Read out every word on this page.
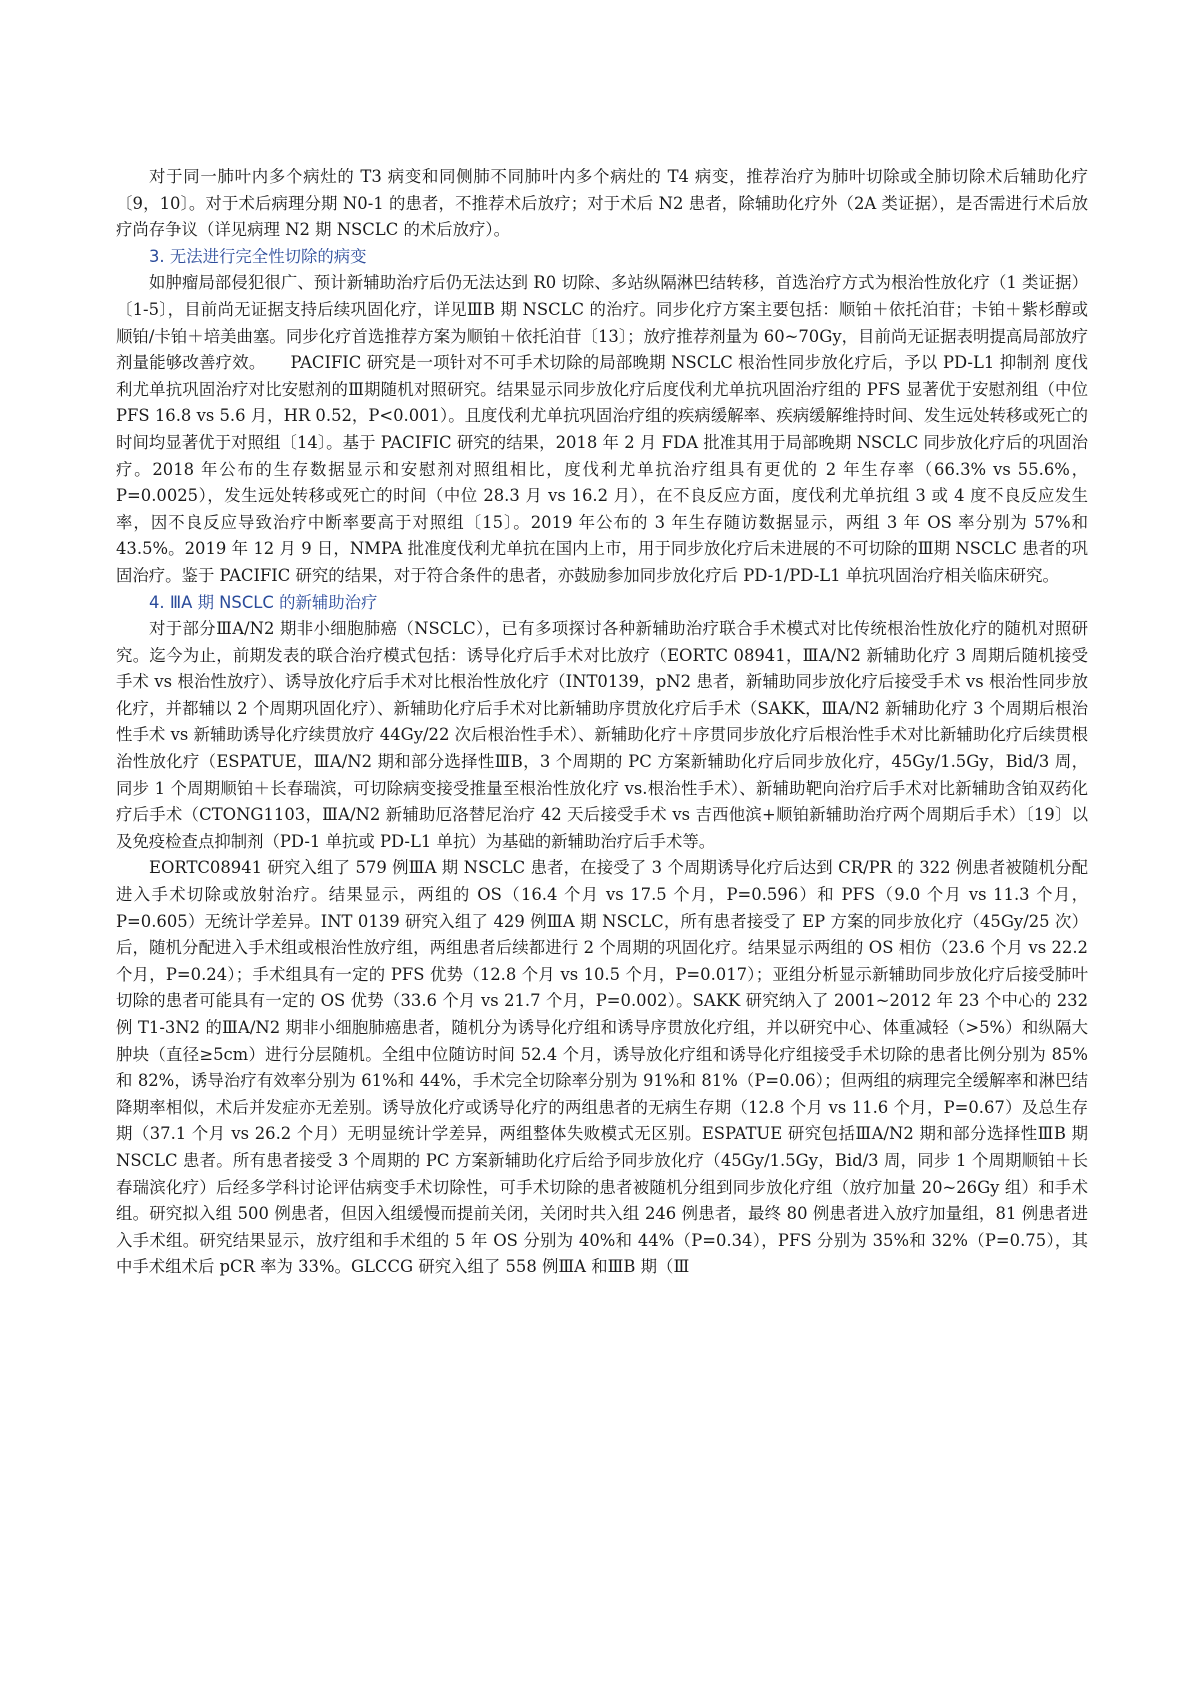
对于同一肺叶内多个病灶的 T3 病变和同侧肺不同肺叶内多个病灶的 T4 病变，推荐治疗为肺叶切除或全肺切除术后辅助化疗〔9，10〕。对于术后病理分期 N0-1 的患者，不推荐术后放疗；对于术后 N2 患者，除辅助化疗外（2A 类证据），是否需进行术后放疗尚存争议（详见病理 N2 期 NSCLC 的术后放疗）。

3. 无法进行完全性切除的病变

如肿瘤局部侵犯很广、预计新辅助治疗后仍无法达到 R0 切除、多站纵隔淋巴结转移，首选治疗方式为根治性放化疗（1 类证据）〔1-5〕，目前尚无证据支持后续巩固化疗，详见ⅢB 期 NSCLC 的治疗。同步化疗方案主要包括：顺铂＋依托泊苷；卡铂＋紫杉醇或顺铂/卡铂＋培美曲塞。同步化疗首选推荐方案为顺铂＋依托泊苷〔13〕；放疗推荐剂量为 60~70Gy，目前尚无证据表明提高局部放疗剂量能够改善疗效。　　PACIFIC 研究是一项针对不可手术切除的局部晚期 NSCLC 根治性同步放化疗后，予以 PD-L1 抑制剂 度伐利尤单抗巩固治疗对比安慰剂的Ⅲ期随机对照研究。结果显示同步放化疗后度伐利尤单抗巩固治疗组的 PFS 显著优于安慰剂组（中位 PFS 16.8 vs 5.6 月，HR 0.52，P<0.001）。且度伐利尤单抗巩固治疗组的疾病缓解率、疾病缓解维持时间、发生远处转移或死亡的时间均显著优于对照组〔14〕。基于 PACIFIC 研究的结果，2018 年 2 月 FDA 批准其用于局部晚期 NSCLC 同步放化疗后的巩固治疗。2018 年公布的生存数据显示和安慰剂对照组相比，度伐利尤单抗治疗组具有更优的 2 年生存率（66.3% vs 55.6%，P=0.0025），发生远处转移或死亡的时间（中位 28.3 月 vs 16.2 月），在不良反应方面，度伐利尤单抗组 3 或 4 度不良反应发生率，因不良反应导致治疗中断率要高于对照组〔15〕。2019 年公布的 3 年生存随访数据显示，两组 3 年 OS 率分别为 57%和 43.5%。2019 年 12 月 9 日，NMPA 批准度伐利尤单抗在国内上市，用于同步放化疗后未进展的不可切除的Ⅲ期 NSCLC 患者的巩固治疗。鉴于 PACIFIC 研究的结果，对于符合条件的患者，亦鼓励参加同步放化疗后 PD-1/PD-L1 单抗巩固治疗相关临床研究。

4. ⅢA 期 NSCLC 的新辅助治疗

对于部分ⅢA/N2 期非小细胞肺癌（NSCLC），已有多项探讨各种新辅助治疗联合手术模式对比传统根治性放化疗的随机对照研究。迄今为止，前期发表的联合治疗模式包括：诱导化疗后手术对比放疗（EORTC 08941，ⅢA/N2 新辅助化疗 3 周期后随机接受手术 vs 根治性放疗）、诱导放化疗后手术对比根治性放化疗（INT0139，pN2 患者，新辅助同步放化疗后接受手术 vs 根治性同步放化疗，并都辅以 2 个周期巩固化疗）、新辅助化疗后手术对比新辅助序贯放化疗后手术（SAKK，ⅢA/N2 新辅助化疗 3 个周期后根治性手术 vs 新辅助诱导化疗续贯放疗 44Gy/22 次后根治性手术）、新辅助化疗＋序贯同步放化疗后根治性手术对比新辅助化疗后续贯根治性放化疗（ESPATUE，ⅢA/N2 期和部分选择性ⅢB，3 个周期的 PC 方案新辅助化疗后同步放化疗，45Gy/1.5Gy，Bid/3 周，同步 1 个周期顺铂＋长春瑞滨，可切除病变接受推量至根治性放化疗 vs.根治性手术）、新辅助靶向治疗后手术对比新辅助含铂双药化疗后手术（CTONG1103，ⅢA/N2 新辅助厄洛替尼治疗 42 天后接受手术 vs 吉西他滨+顺铂新辅助治疗两个周期后手术）〔19〕以及免疫检查点抑制剂（PD-1 单抗或 PD-L1 单抗）为基础的新辅助治疗后手术等。

EORTC08941 研究入组了 579 例ⅢA 期 NSCLC 患者，在接受了 3 个周期诱导化疗后达到 CR/PR 的 322 例患者被随机分配进入手术切除或放射治疗。结果显示，两组的 OS（16.4 个月 vs 17.5 个月，P=0.596）和 PFS（9.0 个月 vs 11.3 个月，P=0.605）无统计学差异。INT 0139 研究入组了 429 例ⅢA 期 NSCLC，所有患者接受了 EP 方案的同步放化疗（45Gy/25 次）后，随机分配进入手术组或根治性放疗组，两组患者后续都进行 2 个周期的巩固化疗。结果显示两组的 OS 相仿（23.6 个月 vs 22.2 个月，P=0.24）；手术组具有一定的 PFS 优势（12.8 个月 vs 10.5 个月，P=0.017）；亚组分析显示新辅助同步放化疗后接受肺叶切除的患者可能具有一定的 OS 优势（33.6 个月 vs 21.7 个月，P=0.002）。SAKK 研究纳入了 2001~2012 年 23 个中心的 232 例 T1-3N2 的ⅢA/N2 期非小细胞肺癌患者，随机分为诱导化疗组和诱导序贯放化疗组，并以研究中心、体重减轻（>5%）和纵隔大肿块（直径≥5cm）进行分层随机。全组中位随访时间 52.4 个月，诱导放化疗组和诱导化疗组接受手术切除的患者比例分别为 85%和 82%，诱导治疗有效率分别为 61%和 44%，手术完全切除率分别为 91%和 81%（P=0.06）；但两组的病理完全缓解率和淋巴结降期率相似，术后并发症亦无差别。诱导放化疗或诱导化疗的两组患者的无病生存期（12.8 个月 vs 11.6 个月，P=0.67）及总生存期（37.1 个月 vs 26.2 个月）无明显统计学差异，两组整体失败模式无区别。ESPATUE 研究包括ⅢA/N2 期和部分选择性ⅢB 期 NSCLC 患者。所有患者接受 3 个周期的 PC 方案新辅助化疗后给予同步放化疗（45Gy/1.5Gy，Bid/3 周，同步 1 个周期顺铂＋长春瑞滨化疗）后经多学科讨论评估病变手术切除性，可手术切除的患者被随机分组到同步放化疗组（放疗加量 20~26Gy 组）和手术组。研究拟入组 500 例患者，但因入组缓慢而提前关闭，关闭时共入组 246 例患者，最终 80 例患者进入放疗加量组，81 例患者进入手术组。研究结果显示，放疗组和手术组的 5 年 OS 分别为 40%和 44%（P=0.34），PFS 分别为 35%和 32%（P=0.75），其中手术组术后 pCR 率为 33%。GLCCG 研究入组了 558 例ⅢA 和ⅢB 期（Ⅲ
